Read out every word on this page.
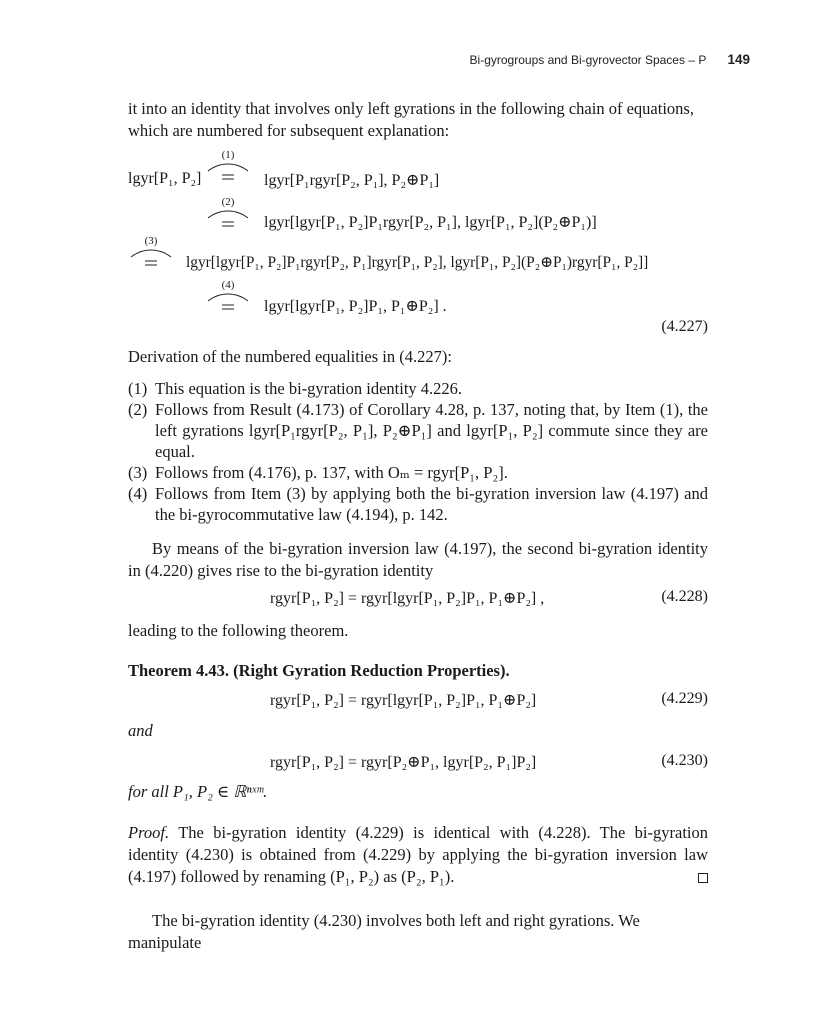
Bi-gyrogroups and Bi-gyrovector Spaces – P 149

it into an identity that involves only left gyrations in the following chain of equations, which are numbered for subsequent explanation:

lgyr[P₁, P₂]
(1)
lgyr[P₁rgyr[P₂, P₁], P₂⊕P₁]
(2)
lgyr[lgyr[P₁, P₂]P₁rgyr[P₂, P₁], lgyr[P₁, P₂](P₂⊕P₁)]
(3)
lgyr[lgyr[P₁, P₂]P₁rgyr[P₂, P₁]rgyr[P₁, P₂], lgyr[P₁, P₂](P₂⊕P₁)rgyr[P₁, P₂]]
(4)
lgyr[lgyr[P₁, P₂]P₁, P₁⊕P₂] .
(4.227)

Derivation of the numbered equalities in (4.227):

(1) This equation is the bi-gyration identity 4.226.
(2) Follows from Result (4.173) of Corollary 4.28, p. 137, noting that, by Item (1), the left gyrations lgyr[P₁rgyr[P₂, P₁], P₂⊕P₁] and lgyr[P₁, P₂] commute since they are equal.
(3) Follows from (4.176), p. 137, with Oₘ = rgyr[P₁, P₂].
(4) Follows from Item (3) by applying both the bi-gyration inversion law (4.197) and the bi-gyrocommutative law (4.194), p. 142.

By means of the bi-gyration inversion law (4.197), the second bi-gyration identity in (4.220) gives rise to the bi-gyration identity

rgyr[P₁, P₂] = rgyr[lgyr[P₁, P₂]P₁, P₁⊕P₂] ,	(4.228)

leading to the following theorem.

Theorem 4.43. (Right Gyration Reduction Properties).

rgyr[P₁, P₂] = rgyr[lgyr[P₁, P₂]P₁, P₁⊕P₂]	(4.229)

and

rgyr[P₁, P₂] = rgyr[P₂⊕P₁, lgyr[P₂, P₁]P₂]	(4.230)

for all P₁, P₂ ∈ ℝⁿˣᵐ.

Proof. The bi-gyration identity (4.229) is identical with (4.228). The bi-gyration identity (4.230) is obtained from (4.229) by applying the bi-gyration inversion law (4.197) followed by renaming (P₁, P₂) as (P₂, P₁).

The bi-gyration identity (4.230) involves both left and right gyrations. We manipulate
